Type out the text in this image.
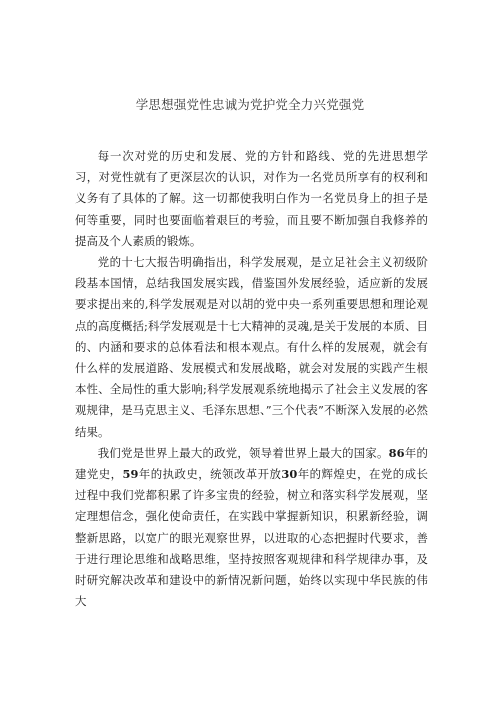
学思想强党性忠诚为党护党全力兴党强党

每一次对党的历史和发展、党的方针和路线、党的先进思想学习，对党性就有了更深层次的认识，对作为一名党员所享有的权利和义务有了具体的了解。这一切都使我明白作为一名党员身上的担子是何等重要，同时也要面临着艰巨的考验，而且要不断加强自我修养的提高及个人素质的锻炼。

党的十七大报告明确指出，科学发展观，是立足社会主义初级阶段基本国情，总结我国发展实践，借鉴国外发展经验，适应新的发展要求提出来的,科学发展观是对以胡的党中央一系列重要思想和理论观点的高度概括;科学发展观是十七大精神的灵魂,是关于发展的本质、目的、内涵和要求的总体看法和根本观点。有什么样的发展观，就会有什么样的发展道路、发展模式和发展战略，就会对发展的实践产生根本性、全局性的重大影响;科学发展观系统地揭示了社会主义发展的客观规律，是马克思主义、毛泽东思想、”三个代表”不断深入发展的必然结果。

我们党是世界上最大的政党，领导着世界上最大的国家。86年的建党史，59年的执政史，统领改革开放30年的辉煌史，在党的成长过程中我们党都积累了许多宝贵的经验，树立和落实科学发展观，坚定理想信念，强化使命责任，在实践中掌握新知识，积累新经验，调整新思路，以宽广的眼光观察世界，以进取的心态把握时代要求，善于进行理论思维和战略思维，坚持按照客观规律和科学规律办事，及时研究解决改革和建设中的新情况新问题，始终以实现中华民族的伟大
